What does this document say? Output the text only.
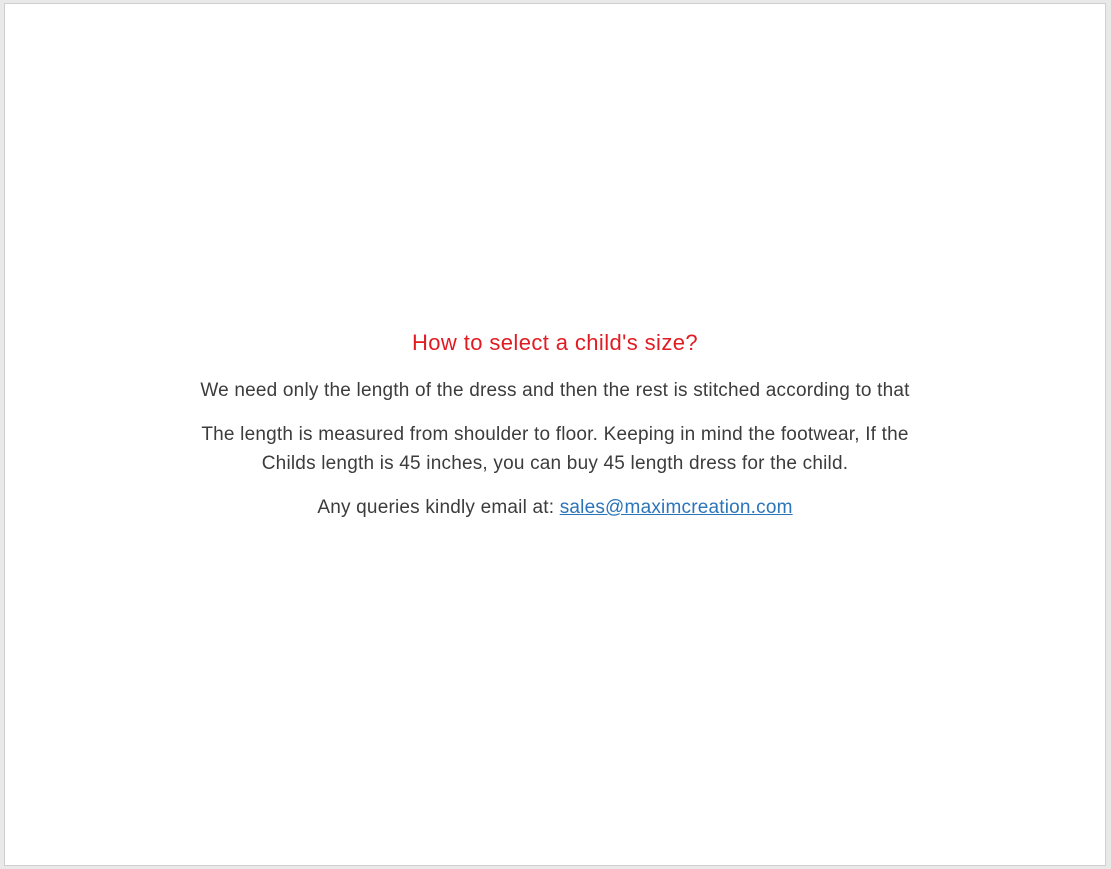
How to select a child's size?

We need only the length of the dress and then the rest is stitched according to that

The length is measured from shoulder to floor. Keeping in mind the footwear, If the
Childs length is 45 inches, you can buy 45 length dress for the child.

Any queries kindly email at: sales@maximcreation.com
